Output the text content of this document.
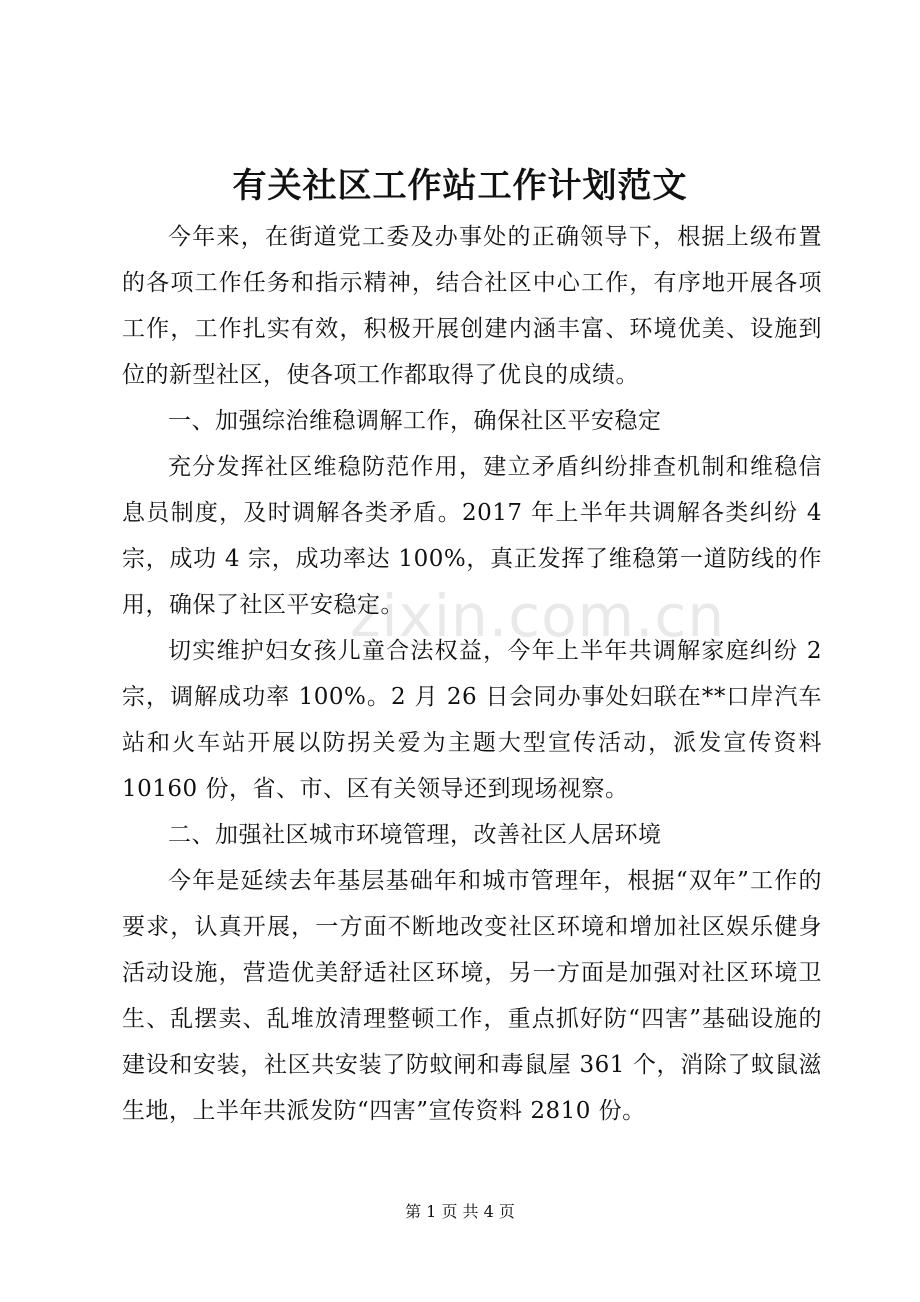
有关社区工作站工作计划范文
zixin.com.cn

今年来，在街道党工委及办事处的正确领导下，根据上级布置的各项工作任务和指示精神，结合社区中心工作，有序地开展各项工作，工作扎实有效，积极开展创建内涵丰富、环境优美、设施到位的新型社区，使各项工作都取得了优良的成绩。

一、加强综治维稳调解工作，确保社区平安稳定

充分发挥社区维稳防范作用，建立矛盾纠纷排查机制和维稳信息员制度，及时调解各类矛盾。2017 年上半年共调解各类纠纷 4 宗，成功 4 宗，成功率达 100%，真正发挥了维稳第一道防线的作用，确保了社区平安稳定。

切实维护妇女孩儿童合法权益，今年上半年共调解家庭纠纷 2 宗，调解成功率 100%。2 月 26 日会同办事处妇联在**口岸汽车站和火车站开展以防拐关爱为主题大型宣传活动，派发宣传资料 10160 份，省、市、区有关领导还到现场视察。

二、加强社区城市环境管理，改善社区人居环境

今年是延续去年基层基础年和城市管理年，根据“双年”工作的要求，认真开展，一方面不断地改变社区环境和增加社区娱乐健身活动设施，营造优美舒适社区环境，另一方面是加强对社区环境卫生、乱摆卖、乱堆放清理整顿工作，重点抓好防“四害”基础设施的建设和安装，社区共安装了防蚊闸和毒鼠屋 361 个，消除了蚊鼠滋生地，上半年共派发防“四害”宣传资料 2810 份。

第 1 页 共 4 页
